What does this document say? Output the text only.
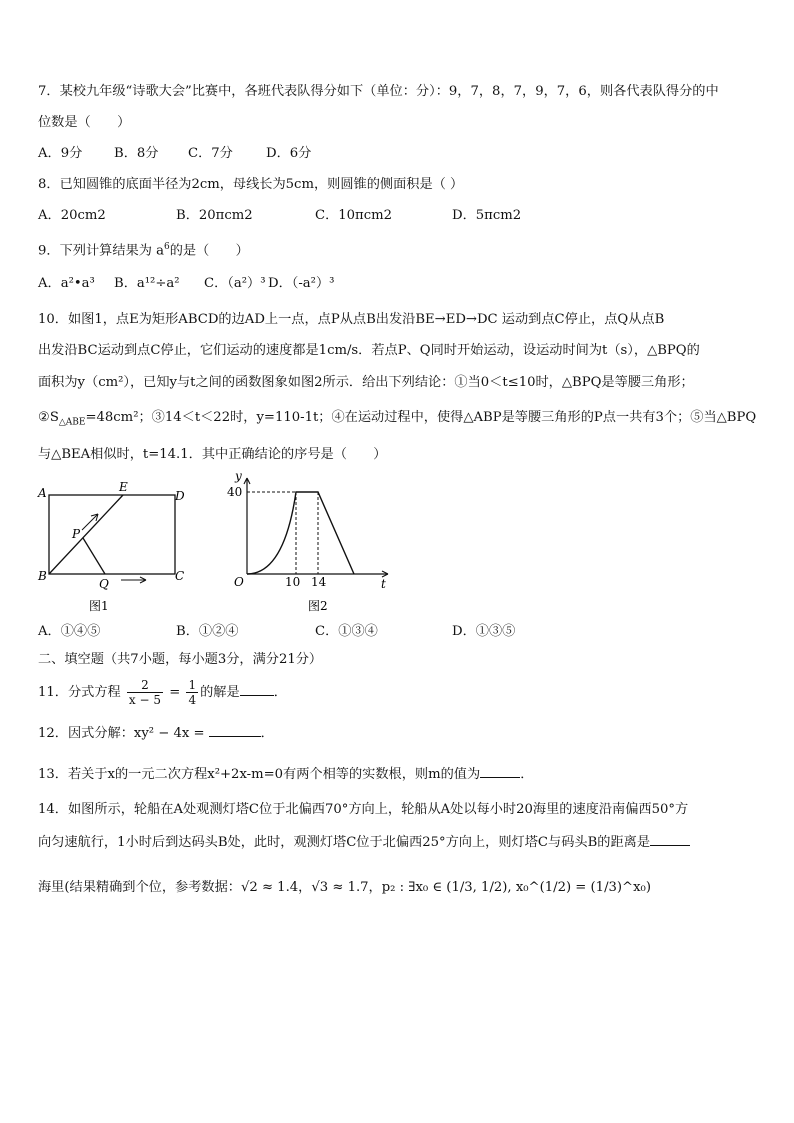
7．某校九年级“诗歌大会”比赛中，各班代表队得分如下（单位：分）：9，7，8，7，9，7，6，则各代表队得分的中
位数是（　　）
A．9分 B．8分 C．7分	D．6分
8．已知圆锥的底面半径为2cm，母线长为5cm，则圆锥的侧面积是（ ）
A．20cm2	B．20πcm2	C．10πcm2	D．5πcm2
9．下列计算结果为 $a^6$的是（　　）
A．a²•a³ B．a¹²÷a² C．（a²）³ D．（-a²）³
10．如图1，点E为矩形ABCD的边AD上一点，点P从点B出发沿BE→ED→DC 运动到点C停止，点Q从点B
出发沿BC运动到点C停止，它们运动的速度都是1cm/s．若点P、Q同时开始运动，设运动时间为t（s），△BPQ的
面积为y（cm²），已知y与t之间的函数图象如图2所示．给出下列结论：①当0＜t≤10时，△BPQ是等腰三角形；
$②S_{\triangle ABE}=48cm^2$；③14＜t＜22时，y=110-1t；④在运动过程中，使得△ABP是等腰三角形的P点一共有3个；⑤当△BPQ
与△BEA相似时，t=14.1．其中正确结论的序号是（　　）
A	E
D
P
B
Q
C
图1
y
40
O	10 14	t
图2
A．①④⑤	B．①②④	C．①③④	D．①③⑤
二、填空题（共7小题，每小题3分，满分21分）
11．分式方程 $\frac{2}{x - 5} = \frac{1}{4}$ 的解是	．
12．因式分解：xy² − 4x =	．
13．若关于x的一元二次方程x²+2x-m=0有两个相等的实数根，则m的值为	．
14．如图所示，轮船在A处观测灯塔C位于北偏西70°方向上，轮船从A处以每小时20海里的速度沿南偏西50°方
向匀速航行，1小时后到达码头B处，此时，观测灯塔C位于北偏西25°方向上，则灯塔C与码头B的距离是
海里(结果精确到个位，参考数据：√2 ≈ 1.4，√3 ≈ 1.7，p₂ : ∃x₀ ∈ (1/3, 1/2), x₀^(1/2) = (1/3)^x₀)
